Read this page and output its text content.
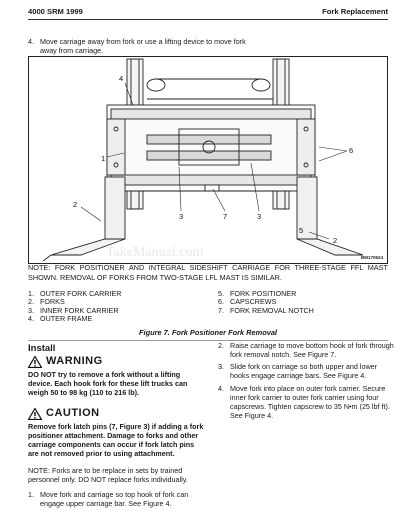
4000 SRM 1999	Fork Replacement
4. Move carriage away from fork or use a lifting device to move fork away from carriage.
4
1
2
3	7	3
6
5
2
BM170624
TakeManual.com
NOTE: FORK POSITIONER AND INTEGRAL SIDESHIFT CARRIAGE FOR THREE-STAGE FFL MAST SHOWN. REMOVAL OF FORKS FROM TWO-STAGE LFL MAST IS SIMILAR.
1. OUTER FORK CARRIER
2. FORKS
3. INNER FORK CARRIER
4. OUTER FRAME
5. FORK POSITIONER
6. CAPSCREWS
7. FORK REMOVAL NOTCH
Figure 7. Fork Positioner Fork Removal
Install
WARNING
DO NOT try to remove a fork without a lifting device. Each hook fork for these lift trucks can weigh 50 to 98 kg (110 to 216 lb).
CAUTION
Remove fork latch pins (7, Figure 3) if adding a fork positioner attachment. Damage to forks and other carriage components can occur if fork latch pins are not removed prior to using attachment.
NOTE: Forks are to be replace in sets by trained personnel only. DO NOT replace forks individually.
1. Move fork and carriage so top hook of fork can engage upper carriage bar. See Figure 4.
2. Raise carriage to move bottom hook of fork through fork removal notch. See Figure 7.
3. Slide fork on carriage so both upper and lower hooks engage carriage bars. See Figure 4.
4. Move fork into place on outer fork carrier. Secure inner fork carrier to outer fork carrier using four capscrews. Tighten capscrew to 35 N•m (25 lbf ft). See Figure 4.
